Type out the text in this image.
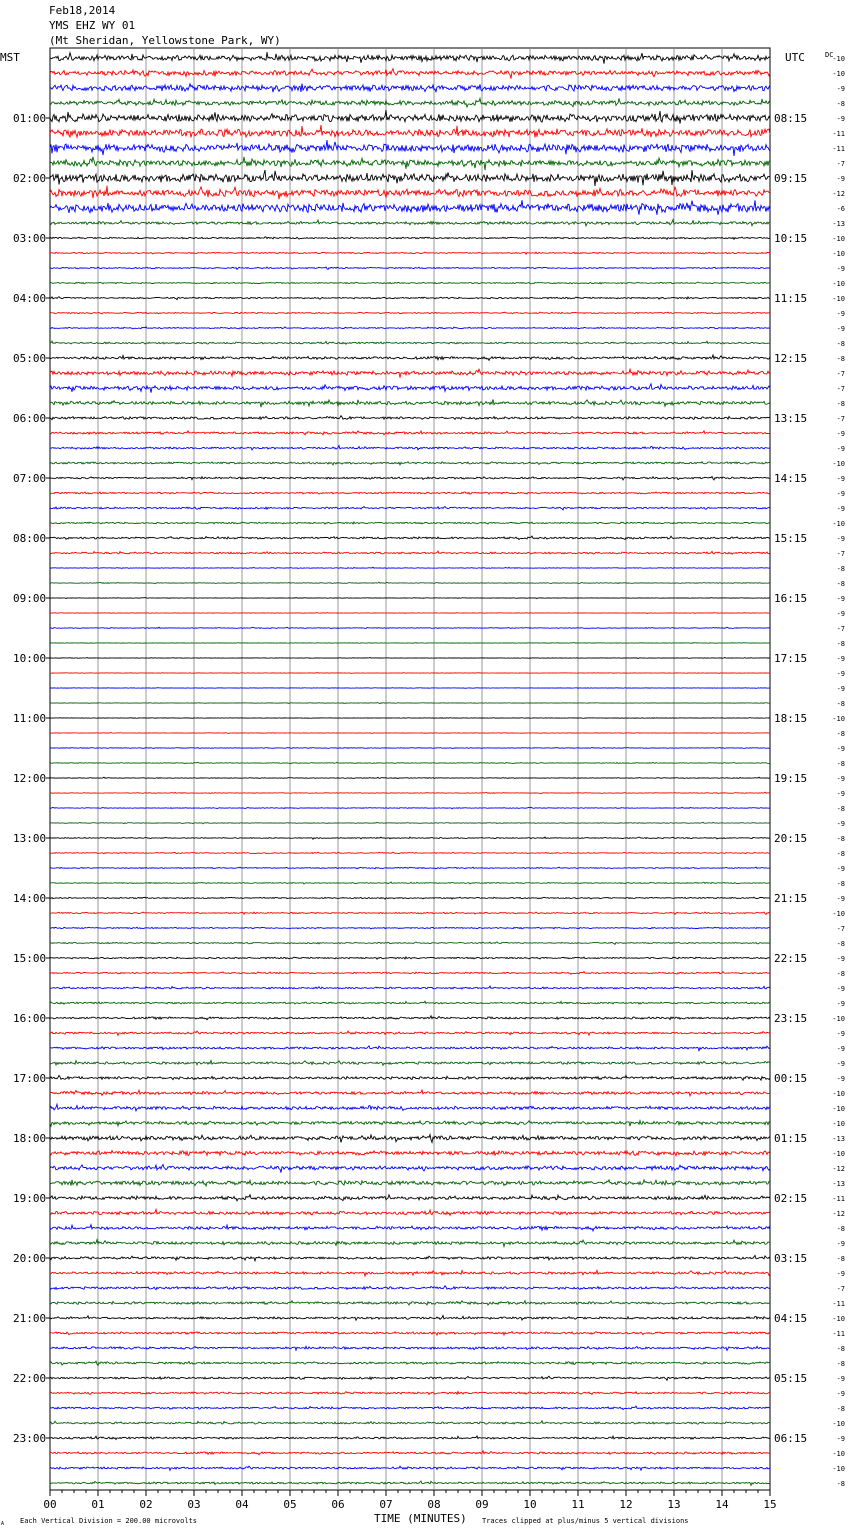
Feb18,2014
YMS EHZ WY 01
(Mt Sheridan, Yellowstone Park, WY)
01:00
02:00
03:00
04:00
05:00
06:00
07:00
08:00
09:00
10:00
11:00
12:00
13:00
14:00
15:00
16:00
17:00
18:00
19:00
20:00
21:00
22:00
23:00
08:15
09:15
10:15
11:15
12:15
13:15
14:15
15:15
16:15
17:15
18:15
19:15
20:15
21:15
22:15
23:15
00:15
01:15
02:15
03:15
04:15
05:15
06:15
-10
-10
-9
-8
-9
-11
-11
-7
-9
-12
-6
-13
-10
-10
-9
-10
-10
-9
-9
-8
-8
-7
-7
-8
-7
-9
-9
-10
-9
-9
-9
-10
-9
-7
-8
-8
-9
-9
-7
-8
-9
-9
-9
-8
-10
-8
-9
-8
-9
-9
-8
-9
-8
-8
-9
-8
-9
-10
-7
-8
-9
-8
-9
-9
-10
-9
-9
-9
-9
-10
-10
-10
-13
-10
-12
-13
-11
-12
-8
-9
-8
-9
-7
-11
-10
-11
-8
-8
-9
-9
-8
-10
-9
-10
-10
-8
00	01	02	03	04	05	06	07	08	09	10	11	12	13	14	15
MST	UTC	DC
TIME (MINUTES)
Each Vertical Division = 200.00 microvolts	Traces clipped at plus/minus 5 vertical divisions
A
